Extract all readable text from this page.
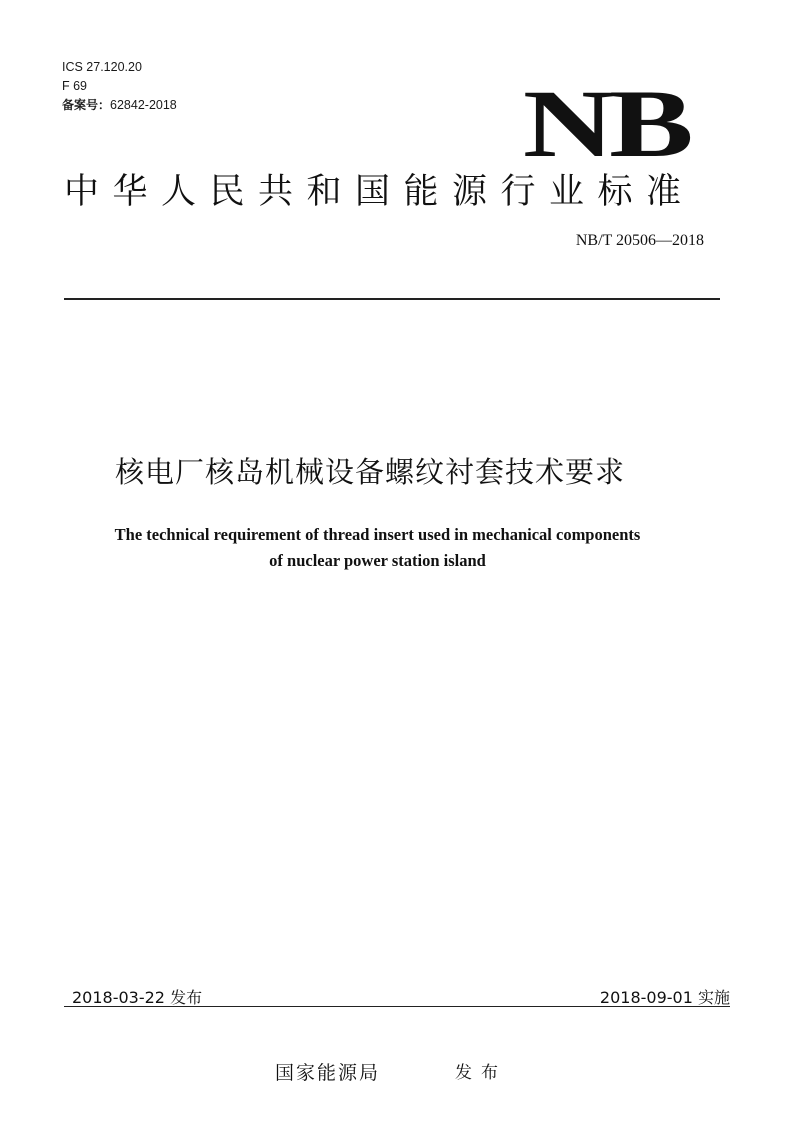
ICS 27.120.20
F 69
备案号：62842-2018	NB
中华人民共和国能源行业标准
NB/T 20506—2018
核电厂核岛机械设备螺纹衬套技术要求
The technical requirement of thread insert used in mechanical components
of nuclear power station island
2018-03-22 发布	2018-09-01 实施
国家能源局	发布
